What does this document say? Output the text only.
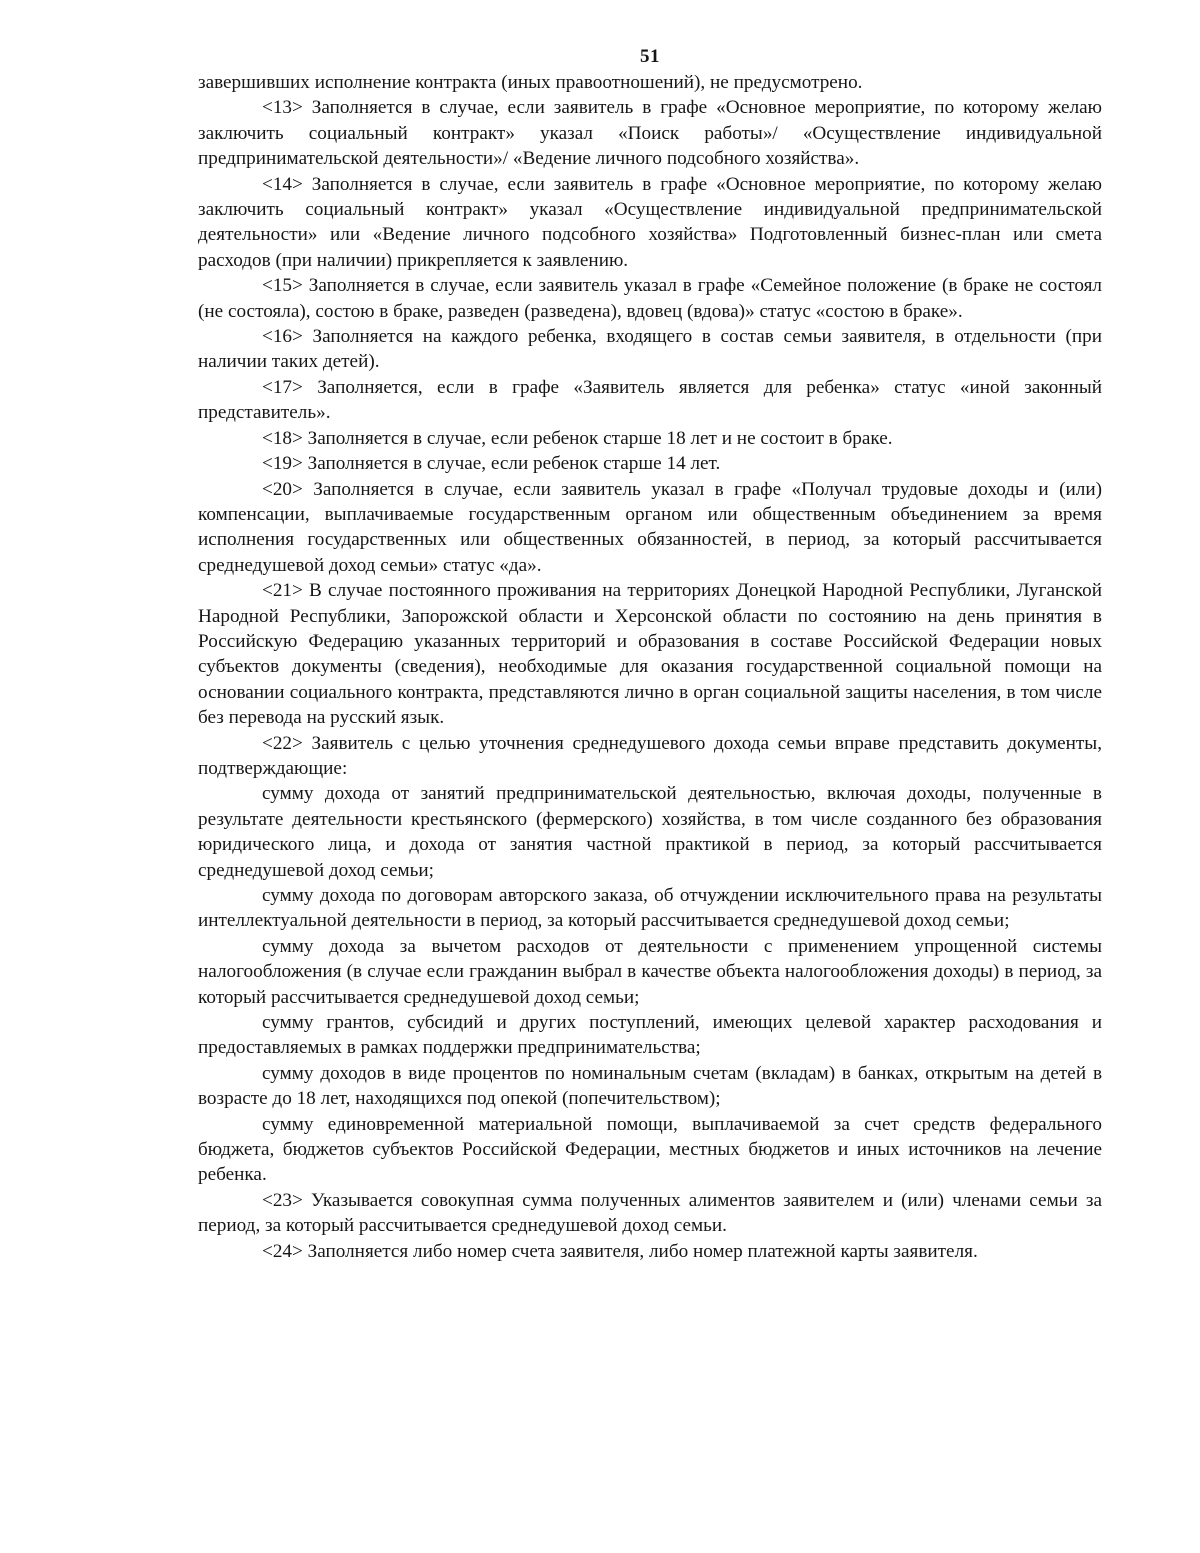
51

завершивших исполнение контракта (иных правоотношений), не предусмотрено.

<13> Заполняется в случае, если заявитель в графе «Основное мероприятие, по которому желаю заключить социальный контракт» указал «Поиск работы»/ «Осуществление индивидуальной предпринимательской деятельности»/ «Ведение личного подсобного хозяйства».

<14> Заполняется в случае, если заявитель в графе «Основное мероприятие, по которому желаю заключить социальный контракт» указал «Осуществление индивидуальной предпринимательской деятельности» или «Ведение личного подсобного хозяйства» Подготовленный бизнес-план или смета расходов (при наличии) прикрепляется к заявлению.

<15> Заполняется в случае, если заявитель указал в графе «Семейное положение (в браке не состоял (не состояла), состою в браке, разведен (разведена), вдовец (вдова)» статус «состою в браке».

<16> Заполняется на каждого ребенка, входящего в состав семьи заявителя, в отдельности (при наличии таких детей).

<17> Заполняется, если в графе «Заявитель является для ребенка» статус «иной законный представитель».

<18> Заполняется в случае, если ребенок старше 18 лет и не состоит в браке.

<19> Заполняется в случае, если ребенок старше 14 лет.

<20> Заполняется в случае, если заявитель указал в графе «Получал трудовые доходы и (или) компенсации, выплачиваемые государственным органом или общественным объединением за время исполнения государственных или общественных обязанностей, в период, за который рассчитывается среднедушевой доход семьи» статус «да».

<21> В случае постоянного проживания на территориях Донецкой Народной Республики, Луганской Народной Республики, Запорожской области и Херсонской области по состоянию на день принятия в Российскую Федерацию указанных территорий и образования в составе Российской Федерации новых субъектов документы (сведения), необходимые для оказания государственной социальной помощи на основании социального контракта, представляются лично в орган социальной защиты населения, в том числе без перевода на русский язык.

<22> Заявитель с целью уточнения среднедушевого дохода семьи вправе представить документы, подтверждающие:

сумму дохода от занятий предпринимательской деятельностью, включая доходы, полученные в результате деятельности крестьянского (фермерского) хозяйства, в том числе созданного без образования юридического лица, и дохода от занятия частной практикой в период, за который рассчитывается среднедушевой доход семьи;

сумму дохода по договорам авторского заказа, об отчуждении исключительного права на результаты интеллектуальной деятельности в период, за который рассчитывается среднедушевой доход семьи;

сумму дохода за вычетом расходов от деятельности с применением упрощенной системы налогообложения (в случае если гражданин выбрал в качестве объекта налогообложения доходы) в период, за который рассчитывается среднедушевой доход семьи;

сумму грантов, субсидий и других поступлений, имеющих целевой характер расходования и предоставляемых в рамках поддержки предпринимательства;

сумму доходов в виде процентов по номинальным счетам (вкладам) в банках, открытым на детей в возрасте до 18 лет, находящихся под опекой (попечительством);

сумму единовременной материальной помощи, выплачиваемой за счет средств федерального бюджета, бюджетов субъектов Российской Федерации, местных бюджетов и иных источников на лечение ребенка.

<23> Указывается совокупная сумма полученных алиментов заявителем и (или) членами семьи за период, за который рассчитывается среднедушевой доход семьи.

<24> Заполняется либо номер счета заявителя, либо номер платежной карты заявителя.
